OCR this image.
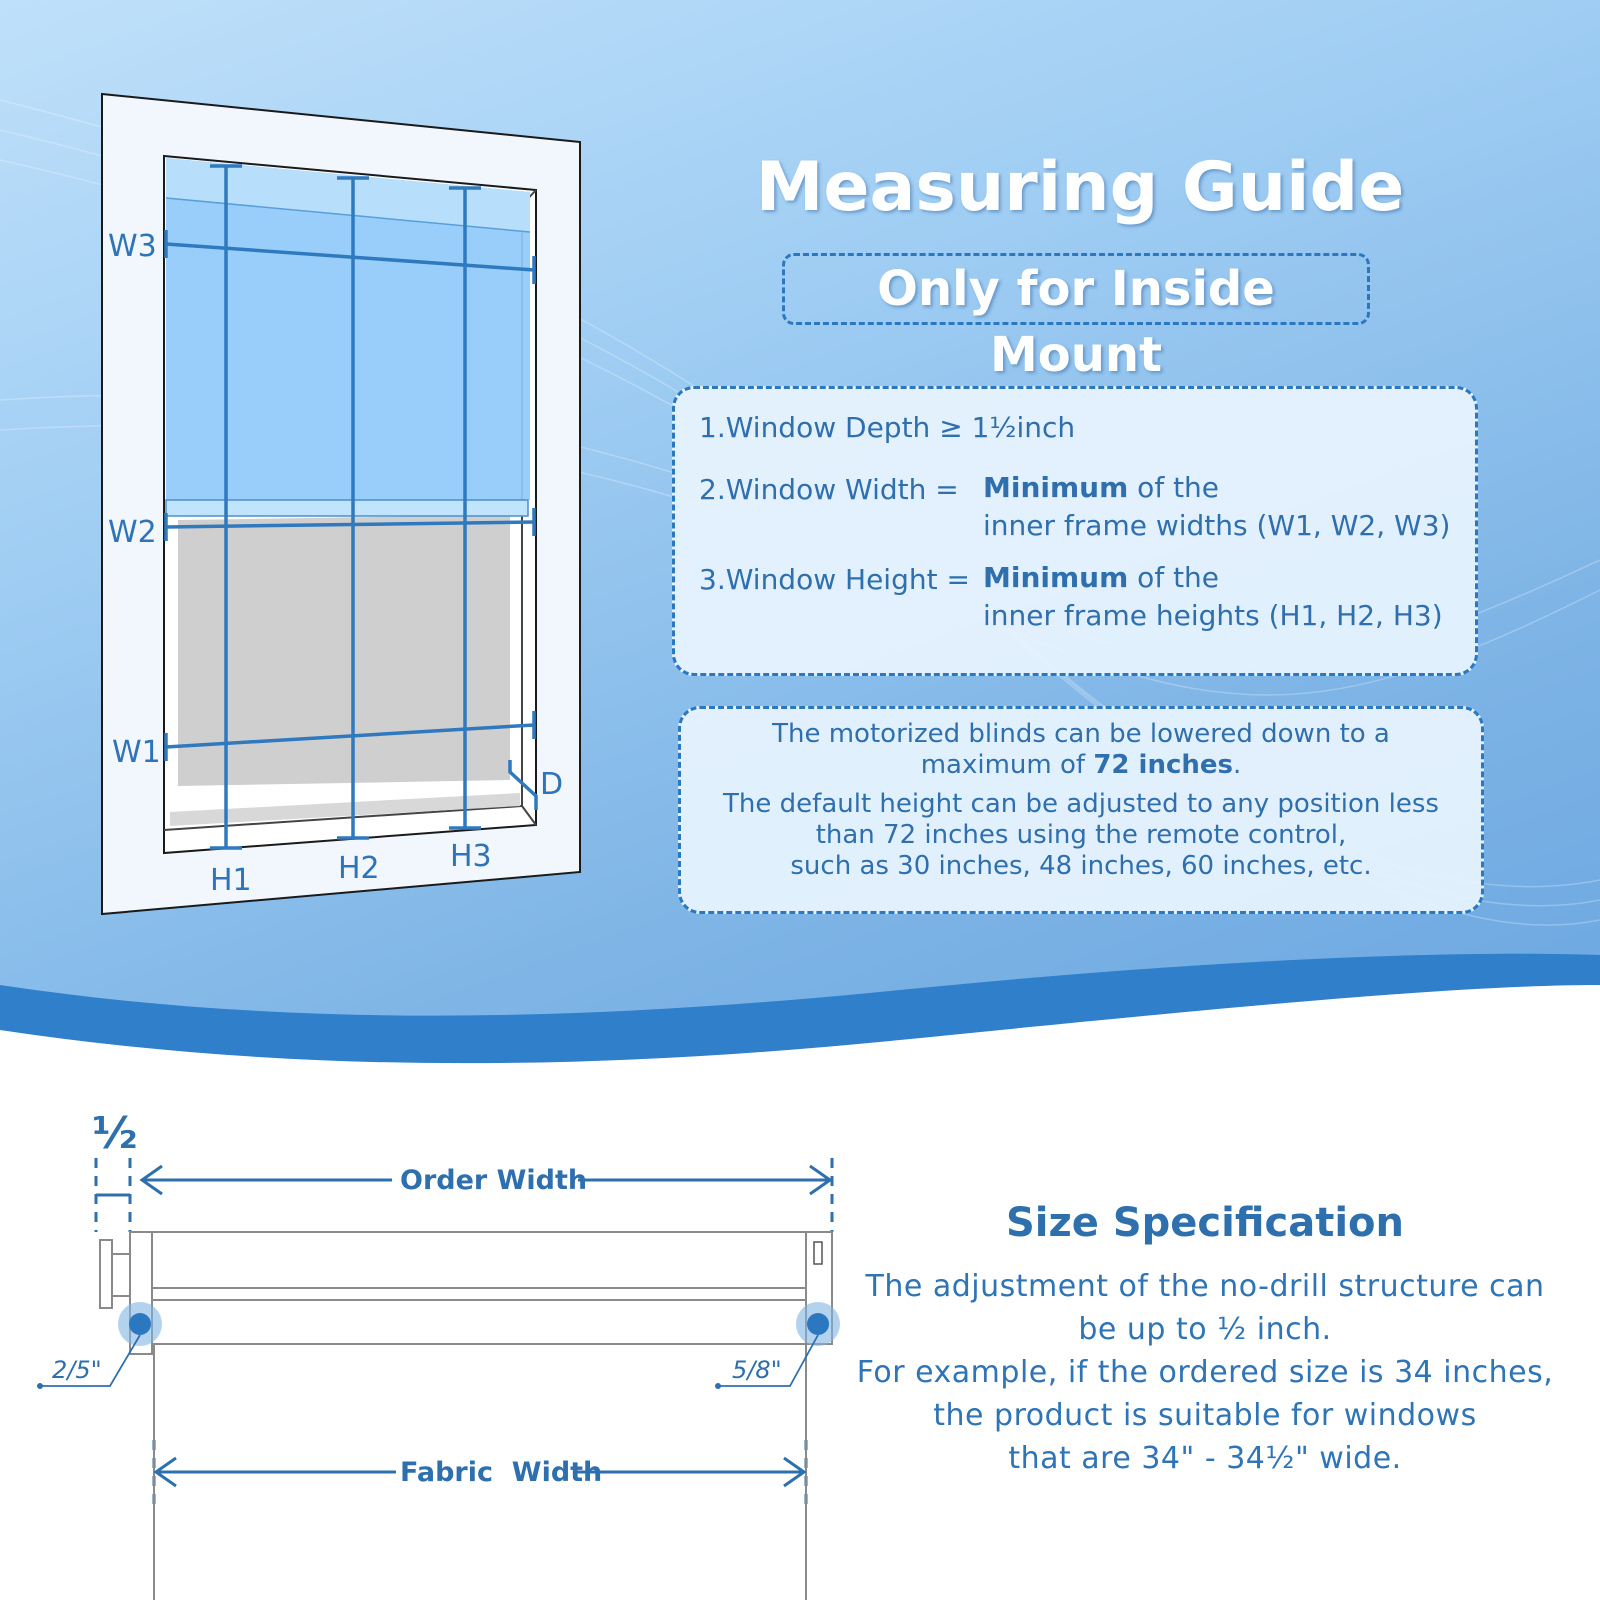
W3
W2
W1
H1	H2 H3
D
½
Order Width
2/5"	5/8"
Fabric  Width
Measuring Guide
Only for Inside Mount
1.Window Depth ≥ 1½inch
2.Window Width = Minimum of the
inner frame widths (W1, W2, W3)
3.Window Height = Minimum of the
inner frame heights (H1, H2, H3)
The motorized blinds can be lowered down to a
maximum of 72 inches.
The default height can be adjusted to any position less
than 72 inches using the remote control,
such as 30 inches, 48 inches, 60 inches, etc.
Size Specification
The adjustment of the no-drill structure can
be up to ½ inch.
For example, if the ordered size is 34 inches,
the product is suitable for windows
that are 34" - 34½" wide.
